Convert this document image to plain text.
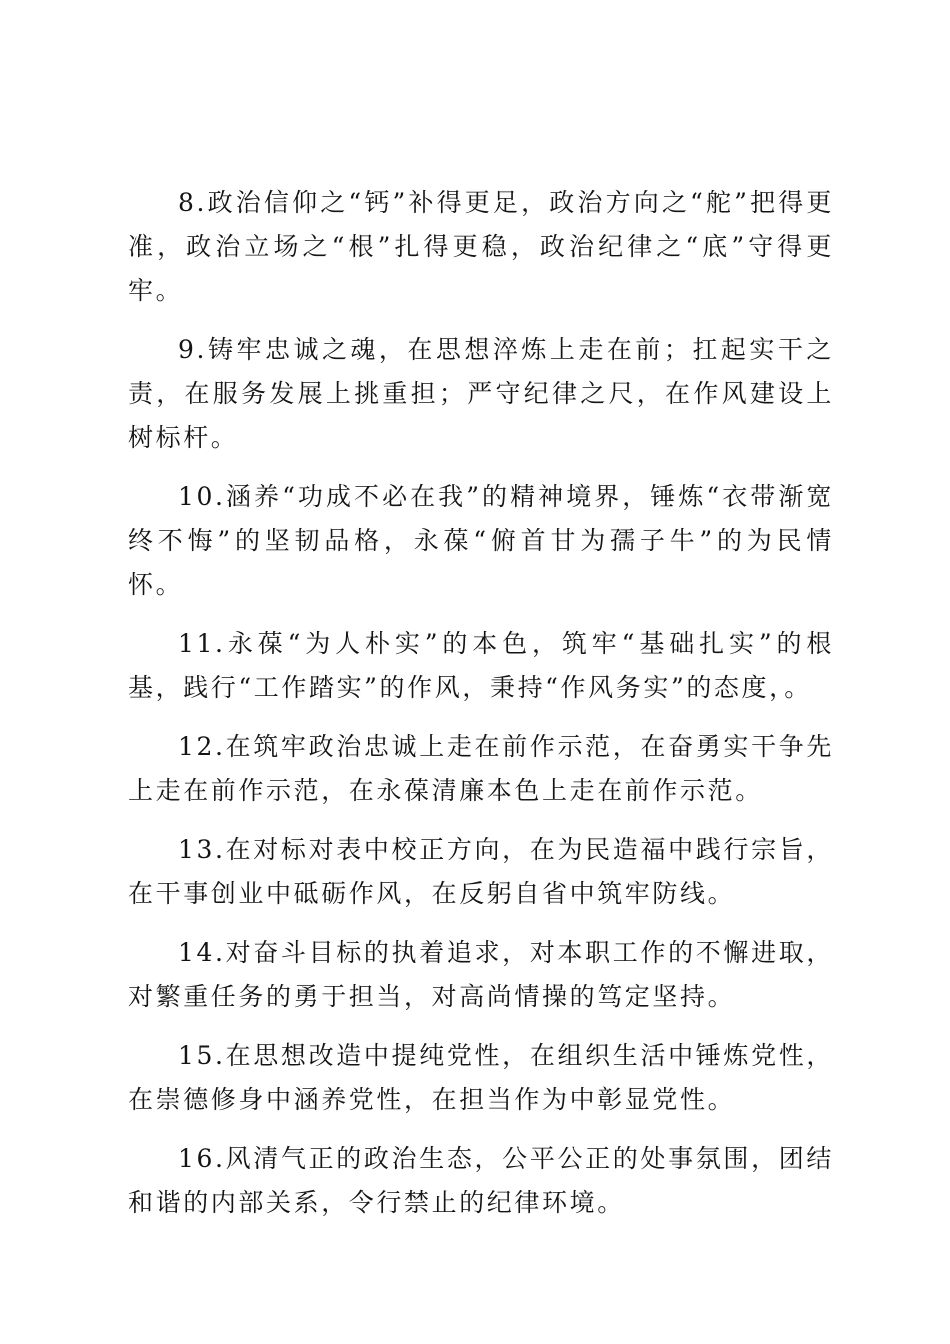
8.政治信仰之“钙”补得更足，政治方向之“舵”把得更准，政治立场之“根”扎得更稳，政治纪律之“底”守得更牢。

9.铸牢忠诚之魂，在思想淬炼上走在前；扛起实干之责，在服务发展上挑重担；严守纪律之尺，在作风建设上树标杆。

10.涵养“功成不必在我”的精神境界，锤炼“衣带渐宽终不悔”的坚韧品格，永葆“俯首甘为孺子牛”的为民情怀。

11.永葆“为人朴实”的本色，筑牢“基础扎实”的根基，践行“工作踏实”的作风，秉持“作风务实”的态度，。

12.在筑牢政治忠诚上走在前作示范，在奋勇实干争先上走在前作示范，在永葆清廉本色上走在前作示范。

13.在对标对表中校正方向，在为民造福中践行宗旨，在干事创业中砥砺作风，在反躬自省中筑牢防线。

14.对奋斗目标的执着追求，对本职工作的不懈进取，对繁重任务的勇于担当，对高尚情操的笃定坚持。

15.在思想改造中提纯党性，在组织生活中锤炼党性，在崇德修身中涵养党性，在担当作为中彰显党性。

16.风清气正的政治生态，公平公正的处事氛围，团结和谐的内部关系，令行禁止的纪律环境。
